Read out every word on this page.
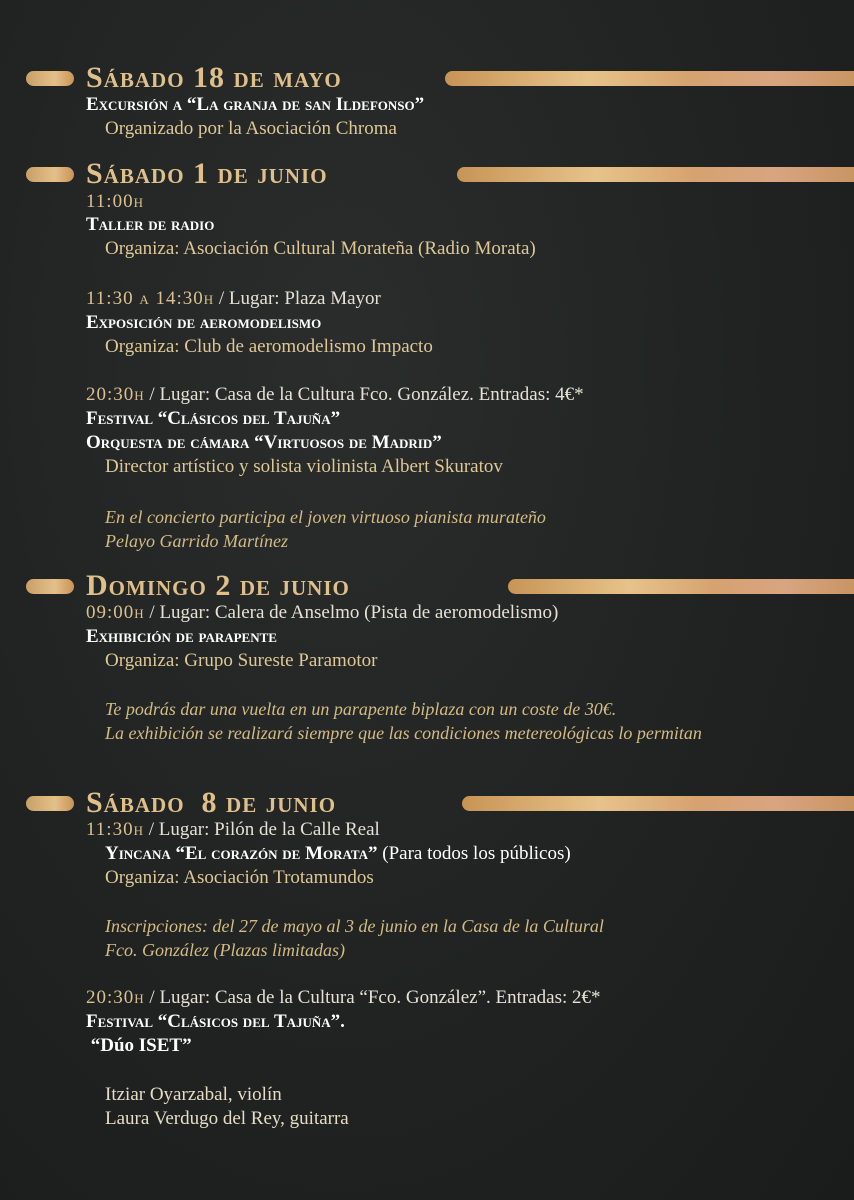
Sábado 18 de mayo
Excursión a “La granja de san Ildefonso”
Organizado por la Asociación Chroma
Sábado 1 de junio
11:00h
Taller de radio
Organiza: Asociación Cultural Morateña (Radio Morata)
11:30 a 14:30h / Lugar: Plaza Mayor
Exposición de aeromodelismo
Organiza: Club de aeromodelismo Impacto
20:30h / Lugar: Casa de la Cultura Fco. González. Entradas: 4€*
Festival “Clásicos del Tajuña”
Orquesta de cámara “Virtuosos de Madrid”
Director artístico y solista violinista Albert Skuratov
En el concierto participa el joven virtuoso pianista murateño
Pelayo Garrido Martínez
Domingo 2 de junio
09:00h / Lugar: Calera de Anselmo (Pista de aeromodelismo)
Exhibición de parapente
Organiza: Grupo Sureste Paramotor
Te podrás dar una vuelta en un parapente biplaza con un coste de 30€.
La exhibición se realizará siempre que las condiciones metereológicas lo permitan
Sábado  8 de junio
11:30h / Lugar: Pilón de la Calle Real
Yincana “El corazón de Morata” (Para todos los públicos)
Organiza: Asociación Trotamundos
Inscripciones: del 27 de mayo al 3 de junio en la Casa de la Cultural
Fco. González (Plazas limitadas)
20:30h / Lugar: Casa de la Cultura “Fco. González”. Entradas: 2€*
Festival “Clásicos del Tajuña”.
“Dúo ISET”
Itziar Oyarzabal, violín
Laura Verdugo del Rey, guitarra
